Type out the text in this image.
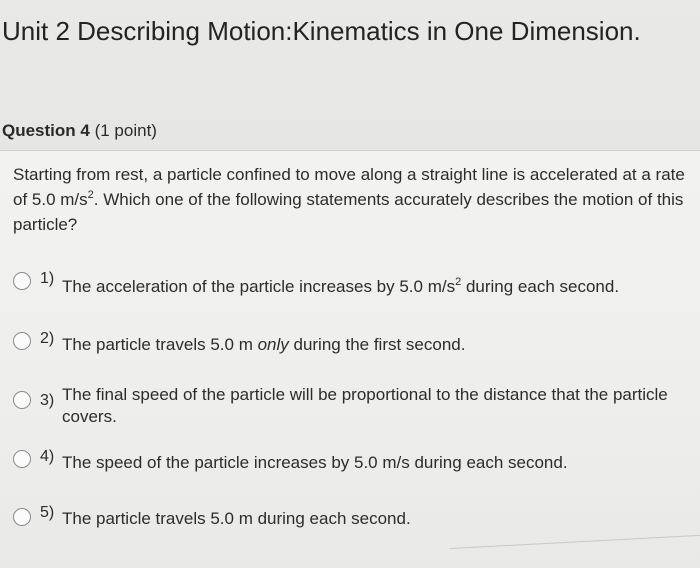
Unit 2 Describing Motion:Kinematics in One Dimension.
Question 4 (1 point)
Starting from rest, a particle confined to move along a straight line is accelerated at a rate of 5.0 $m/s^2$. Which one of the following statements accurately describes the motion of this particle?
1) The acceleration of the particle increases by 5.0 $m/s^2$ during each second.
2) The particle travels 5.0 m only during the first second.
3) The final speed of the particle will be proportional to the distance that the particle covers.
4) The speed of the particle increases by 5.0 m/s during each second.
5) The particle travels 5.0 m during each second.
